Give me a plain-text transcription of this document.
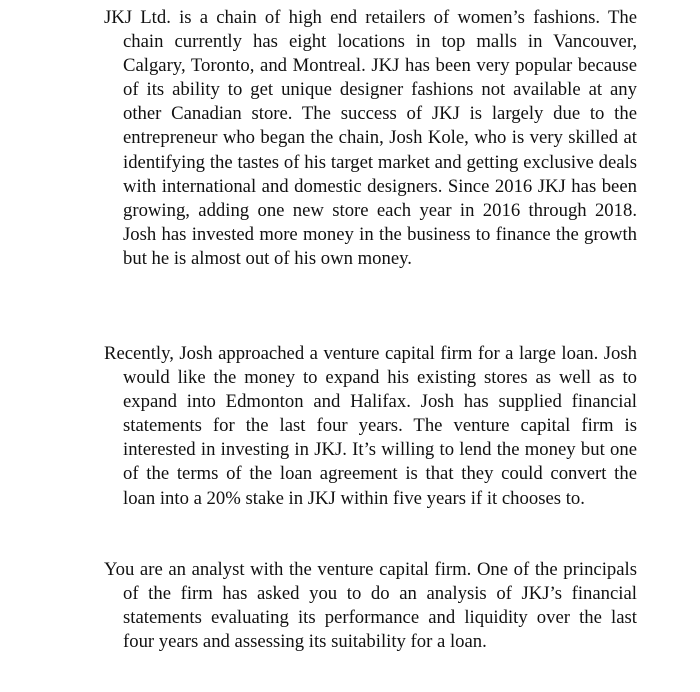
JKJ Ltd. is a chain of high end retailers of women’s fashions. The chain currently has eight locations in top malls in Vancouver, Calgary, Toronto, and Montreal. JKJ has been very popular because of its ability to get unique designer fashions not available at any other Canadian store. The success of JKJ is largely due to the entrepreneur who began the chain, Josh Kole, who is very skilled at identifying the tastes of his target market and getting exclusive deals with international and domestic designers. Since 2016 JKJ has been growing, adding one new store each year in 2016 through 2018. Josh has invested more money in the business to finance the growth but he is almost out of his own money.

Recently, Josh approached a venture capital firm for a large loan. Josh would like the money to expand his existing stores as well as to expand into Edmonton and Halifax. Josh has supplied financial statements for the last four years. The venture capital firm is interested in investing in JKJ. It’s willing to lend the money but one of the terms of the loan agreement is that they could convert the loan into a 20% stake in JKJ within five years if it chooses to.

You are an analyst with the venture capital firm. One of the principals of the firm has asked you to do an analysis of JKJ’s financial statements evaluating its performance and liquidity over the last four years and assessing its suitability for a loan.
